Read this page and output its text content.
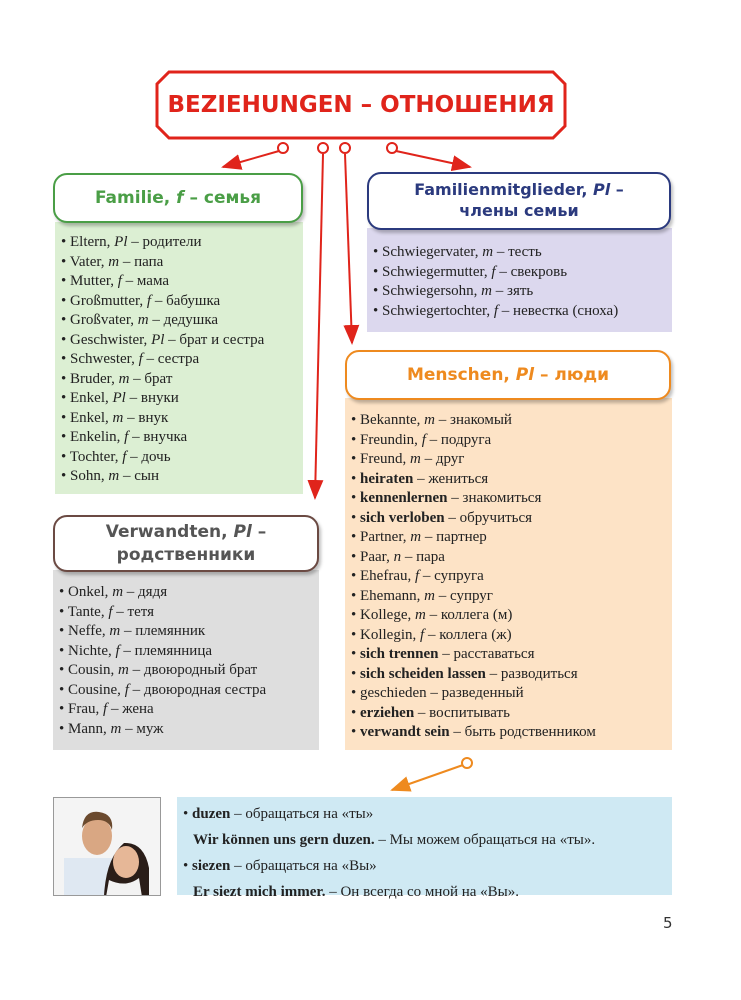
BEZIEHUNGEN – ОТНОШЕНИЯ
Familie, f – семья
• Eltern, Pl – родители
• Vater, m – папа
• Mutter, f – мама
• Großmutter, f – бабушка
• Großvater, m – дедушка
• Geschwister, Pl – брат и сестра
• Schwester, f – сестра
• Bruder, m – брат
• Enkel, Pl – внуки
• Enkel, m – внук
• Enkelin, f – внучка
• Tochter, f – дочь
• Sohn, m – сын
Familienmitglieder, Pl –
члены семьи
• Schwiegervater, m – тесть
• Schwiegermutter, f – свекровь
• Schwiegersohn, m – зять
• Schwiegertochter, f – невестка (сноха)
Menschen, Pl – люди
• Bekannte, m – знакомый
• Freundin, f – подруга
• Freund, m – друг
• heiraten – жениться
• kennenlernen – знакомиться
• sich verloben – обручиться
• Partner, m – партнер
• Paar, n – пара
• Ehefrau, f – супруга
• Ehemann, m – супруг
• Kollege, m – коллега (м)
• Kollegin, f – коллега (ж)
• sich trennen – расставаться
• sich scheiden lassen – разводиться
• geschieden – разведенный
• erziehen – воспитывать
• verwandt sein – быть родственником
Verwandten, Pl –
родственники
• Onkel, m – дядя
• Tante, f – тетя
• Neffe, m – племянник
• Nichte, f – племянница
• Cousin, m – двоюродный брат
• Cousine, f – двоюродная сестра
• Frau, f – жена
• Mann, m – муж
• duzen – обращаться на «ты»
Wir können uns gern duzen. – Мы можем обращаться на «ты».
• siezen – обращаться на «Вы»
Er siezt mich immer. – Он всегда со мной на «Вы».
5
